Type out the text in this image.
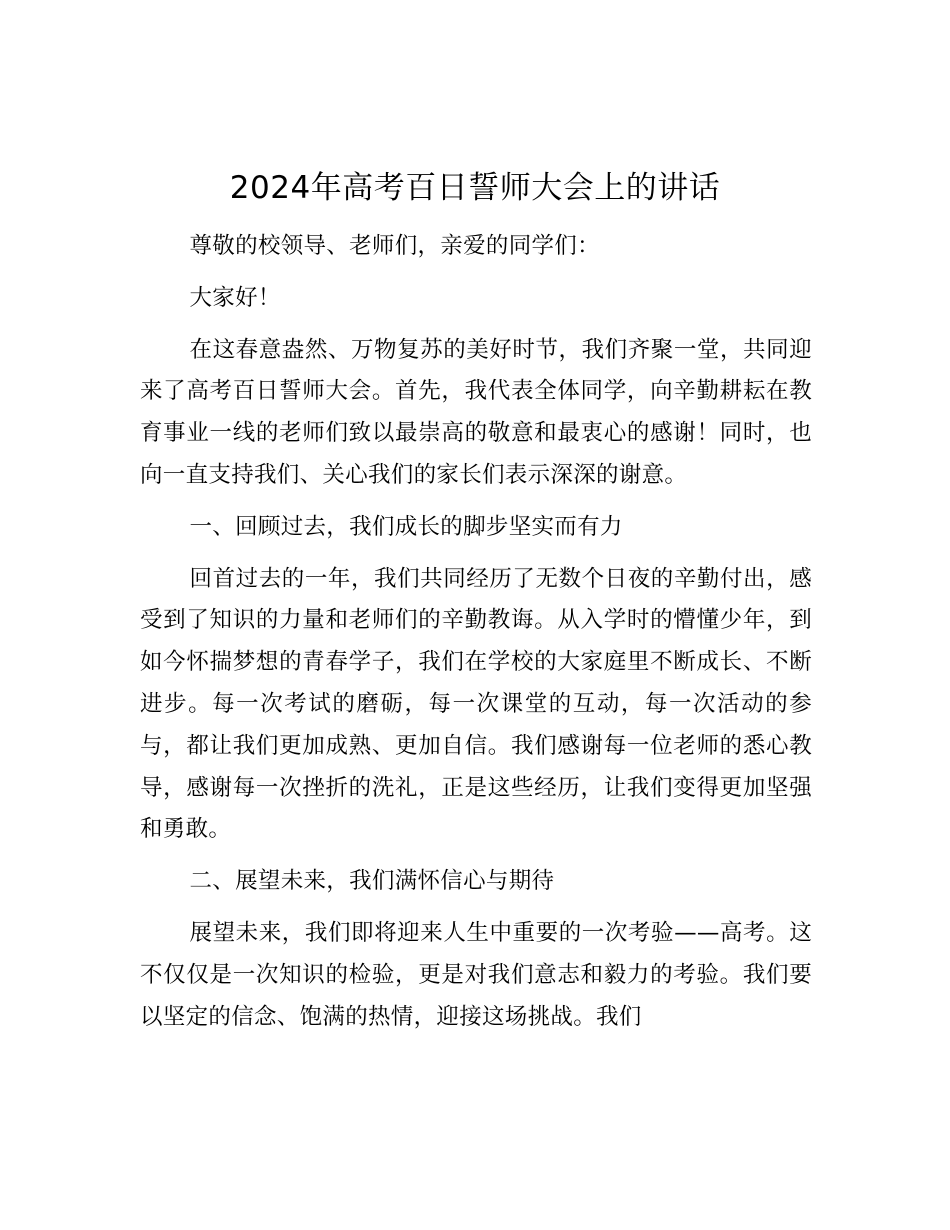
2024年高考百日誓师大会上的讲话

尊敬的校领导、老师们，亲爱的同学们：

大家好！

在这春意盎然、万物复苏的美好时节，我们齐聚一堂，共同迎来了高考百日誓师大会。首先，我代表全体同学，向辛勤耕耘在教育事业一线的老师们致以最崇高的敬意和最衷心的感谢！同时，也向一直支持我们、关心我们的家长们表示深深的谢意。

一、回顾过去，我们成长的脚步坚实而有力

回首过去的一年，我们共同经历了无数个日夜的辛勤付出，感受到了知识的力量和老师们的辛勤教诲。从入学时的懵懂少年，到如今怀揣梦想的青春学子，我们在学校的大家庭里不断成长、不断进步。每一次考试的磨砺，每一次课堂的互动，每一次活动的参与，都让我们更加成熟、更加自信。我们感谢每一位老师的悉心教导，感谢每一次挫折的洗礼，正是这些经历，让我们变得更加坚强和勇敢。

二、展望未来，我们满怀信心与期待

展望未来，我们即将迎来人生中重要的一次考验——高考。这不仅仅是一次知识的检验，更是对我们意志和毅力的考验。我们要以坚定的信念、饱满的热情，迎接这场挑战。我们
